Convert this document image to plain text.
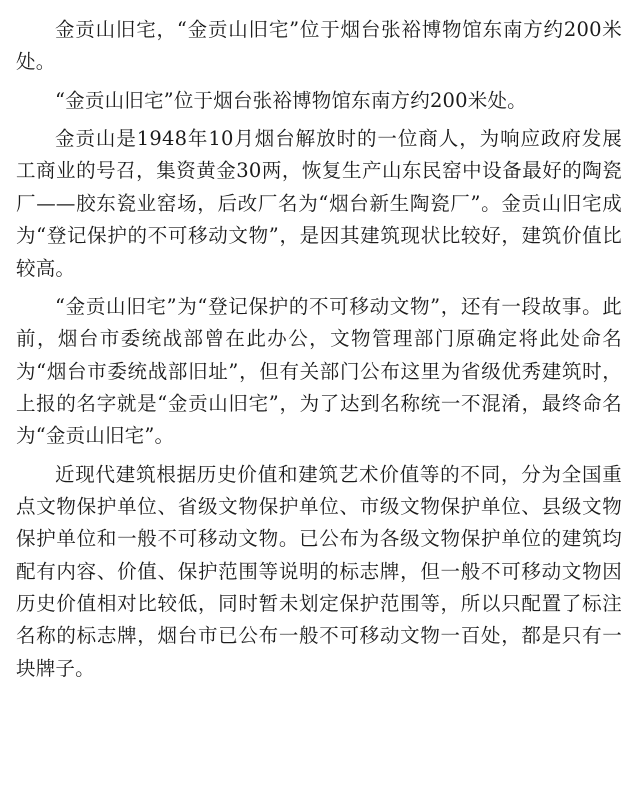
金贡山旧宅，“金贡山旧宅”位于烟台张裕博物馆东南方约200米处。

“金贡山旧宅”位于烟台张裕博物馆东南方约200米处。

金贡山是1948年10月烟台解放时的一位商人，为响应政府发展工商业的号召，集资黄金30两，恢复生产山东民窑中设备最好的陶瓷厂——胶东瓷业窑场，后改厂名为“烟台新生陶瓷厂”。金贡山旧宅成为“登记保护的不可移动文物”，是因其建筑现状比较好，建筑价值比较高。

“金贡山旧宅”为“登记保护的不可移动文物”，还有一段故事。此前，烟台市委统战部曾在此办公，文物管理部门原确定将此处命名为“烟台市委统战部旧址”，但有关部门公布这里为省级优秀建筑时，上报的名字就是“金贡山旧宅”，为了达到名称统一不混淆，最终命名为“金贡山旧宅”。

近现代建筑根据历史价值和建筑艺术价值等的不同，分为全国重点文物保护单位、省级文物保护单位、市级文物保护单位、县级文物保护单位和一般不可移动文物。已公布为各级文物保护单位的建筑均配有内容、价值、保护范围等说明的标志牌，但一般不可移动文物因历史价值相对比较低，同时暂未划定保护范围等，所以只配置了标注名称的标志牌，烟台市已公布一般不可移动文物一百处，都是只有一块牌子。
